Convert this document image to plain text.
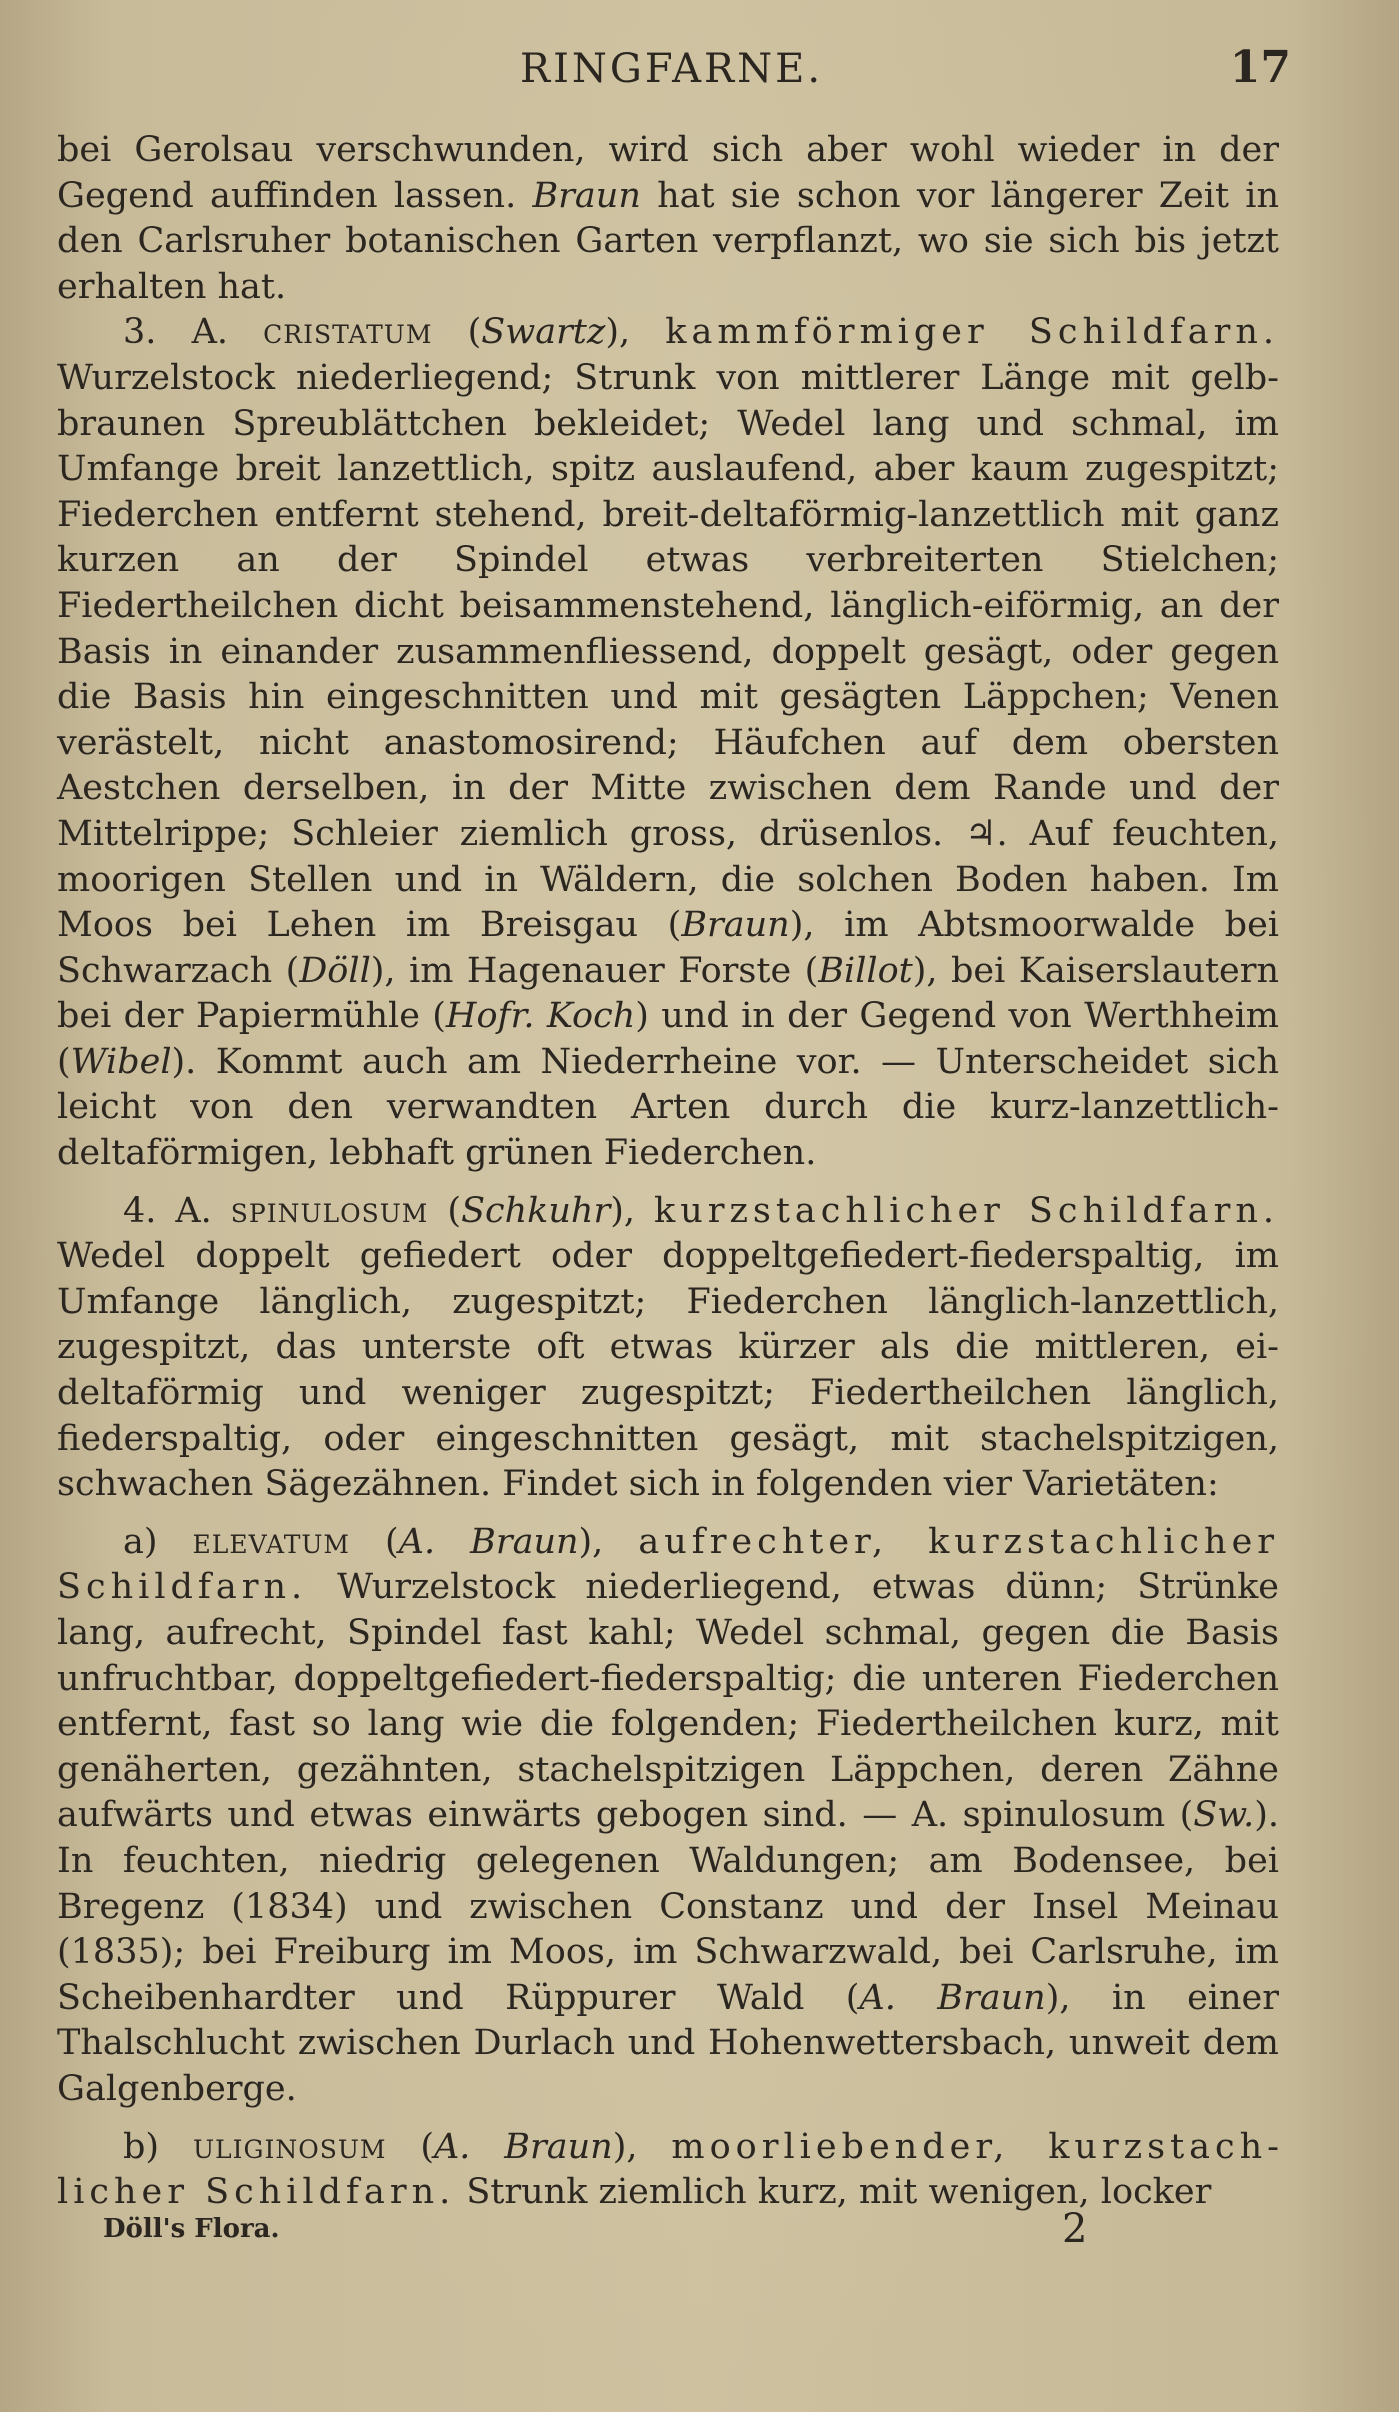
RINGFARNE.	17

bei Gerolsau verschwunden, wird sich aber wohl wieder in der Gegend auffinden lassen. Braun hat sie schon vor längerer Zeit in den Carlsruher botanischen Garten verpflanzt, wo sie sich bis jetzt erhalten hat.

3. A. cristatum (Swartz), kammförmiger Schildfarn. Wurzelstock niederliegend; Strunk von mittlerer Länge mit gelbbraunen Spreublättchen bekleidet; Wedel lang und schmal, im Umfange breit lanzettlich, spitz auslaufend, aber kaum zugespitzt; Fiederchen entfernt stehend, breit-deltaförmig-lanzettlich mit ganz kurzen an der Spindel etwas verbreiterten Stielchen; Fiedertheilchen dicht beisammenstehend, länglich-eiförmig, an der Basis in einander zusammenfliessend, doppelt gesägt, oder gegen die Basis hin eingeschnitten und mit gesägten Läppchen; Venen verästelt, nicht anastomosirend; Häufchen auf dem obersten Aestchen derselben, in der Mitte zwischen dem Rande und der Mittelrippe; Schleier ziemlich gross, drüsenlos. ♃. Auf feuchten, moorigen Stellen und in Wäldern, die solchen Boden haben. Im Moos bei Lehen im Breisgau (Braun), im Abtsmoorwalde bei Schwarzach (Döll), im Hagenauer Forste (Billot), bei Kaiserslautern bei der Papiermühle (Hofr. Koch) und in der Gegend von Werthheim (Wibel). Kommt auch am Niederrheine vor. — Unterscheidet sich leicht von den verwandten Arten durch die kurz-lanzettlich-deltaförmigen, lebhaft grünen Fiederchen.

4. A. spinulosum (Schkuhr), kurzstachlicher Schildfarn. Wedel doppelt gefiedert oder doppeltgefiedert-fiederspaltig, im Umfange länglich, zugespitzt; Fiederchen länglich-lanzettlich, zugespitzt, das unterste oft etwas kürzer als die mittleren, eideltaförmig und weniger zugespitzt; Fiedertheilchen länglich, fiederspaltig, oder eingeschnitten gesägt, mit stachelspitzigen, schwachen Sägezähnen. Findet sich in folgenden vier Varietäten:

a) elevatum (A. Braun), aufrechter, kurzstachlicher Schildfarn. Wurzelstock niederliegend, etwas dünn; Strünke lang, aufrecht, Spindel fast kahl; Wedel schmal, gegen die Basis unfruchtbar, doppeltgefiedert-fiederspaltig; die unteren Fiederchen entfernt, fast so lang wie die folgenden; Fiedertheilchen kurz, mit genäherten, gezähnten, stachelspitzigen Läppchen, deren Zähne aufwärts und etwas einwärts gebogen sind. — A. spinulosum (Sw.). In feuchten, niedrig gelegenen Waldungen; am Bodensee, bei Bregenz (1834) und zwischen Constanz und der Insel Meinau (1835); bei Freiburg im Moos, im Schwarzwald, bei Carlsruhe, im Scheibenhardter und Rüppurer Wald (A. Braun), in einer Thalschlucht zwischen Durlach und Hohenwettersbach, unweit dem Galgenberge.

b) uliginosum (A. Braun), moorliebender, kurzstachlicher Schildfarn. Strunk ziemlich kurz, mit wenigen, locker

Döll's Flora.	2
